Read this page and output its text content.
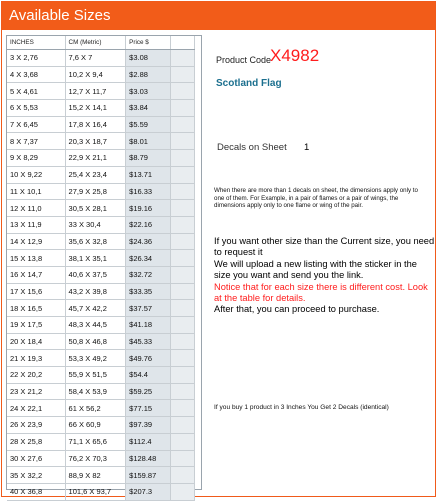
Available Sizes
INCHES	CM (Metric)	Price $	
3 X 2,76	7,6 X 7	$3.08	
4 X 3,68	10,2 X 9,4	$2.88	
5 X 4,61	12,7 X 11,7	$3.03	
6 X 5,53	15,2 X 14,1	$3.84	
7 X 6,45	17,8 X 16,4	$5.59	
8 X 7,37	20,3 X 18,7	$8.01	
9 X 8,29	22,9 X 21,1	$8.79	
10 X 9,22	25,4 X 23,4	$13.71	
11 X 10,1	27,9 X 25,8	$16.33	
12 X 11,0	30,5 X 28,1	$19.16	
13 X 11,9	33 X 30,4	$22.16	
14 X 12,9	35,6 X 32,8	$24.36	
15 X 13,8	38,1 X 35,1	$26.34	
16 X 14,7	40,6 X 37,5	$32.72	
17 X 15,6	43,2 X 39,8	$33.35	
18 X 16,5	45,7 X 42,2	$37.57	
19 X 17,5	48,3 X 44,5	$41.18	
20 X 18,4	50,8 X 46,8	$45.33	
21 X 19,3	53,3 X 49,2	$49.76	
22 X 20,2	55,9 X 51,5	$54.4	
23 X 21,2	58,4 X 53,9	$59.25	
24 X 22,1	61 X 56,2	$77.15	
26 X 23,9	66 X 60,9	$97.39	
28 X 25,8	71,1 X 65,6	$112.4	
30 X 27,6	76,2 X 70,3	$128.48	
35 X 32,2	88,9 X 82	$159.87	
40 X 36,8	101,6 X 93,7	$207.3	
Product Code
X4982
Scotland Flag
Decals on Sheet 1
When there are more than 1 decals on sheet, the dimensions apply only to one of them. For Example, in a pair of flames or a pair of wings, the dimensions apply only to one flame or wing of the pair.
If you want other size than the Current size, you need to request it
We will upload a new listing with the sticker in the size you want and send you the link.
Notice that for each size there is different cost. Look at the table for details.
After that, you can proceed to purchase.
If you buy 1 product in 3 Inches You Get 2 Decals (identical)
